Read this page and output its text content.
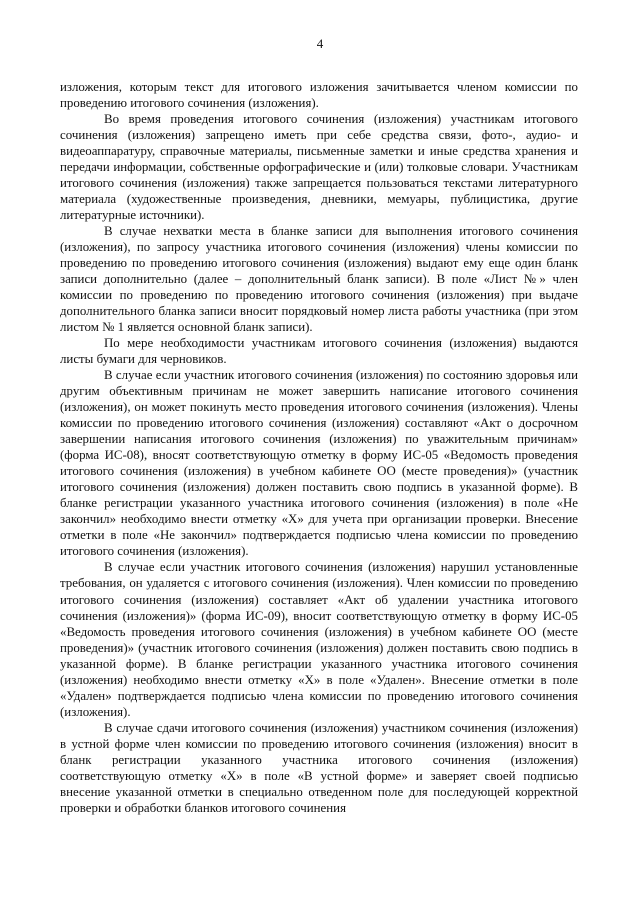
4

изложения, которым текст для итогового изложения зачитывается членом комиссии по проведению итогового сочинения (изложения).

Во время проведения итогового сочинения (изложения) участникам итогового сочинения (изложения) запрещено иметь при себе средства связи, фото-, аудио- и видеоаппаратуру, справочные материалы, письменные заметки и иные средства хранения и передачи информации, собственные орфографические и (или) толковые словари. Участникам итогового сочинения (изложения) также запрещается пользоваться текстами литературного материала (художественные произведения, дневники, мемуары, публицистика, другие литературные источники).

В случае нехватки места в бланке записи для выполнения итогового сочинения (изложения), по запросу участника итогового сочинения (изложения) члены комиссии по проведению по проведению итогового сочинения (изложения) выдают ему еще один бланк записи дополнительно (далее – дополнительный бланк записи). В поле «Лист №» член комиссии по проведению по проведению итогового сочинения (изложения) при выдаче дополнительного бланка записи вносит порядковый номер листа работы участника (при этом листом № 1 является основной бланк записи).

По мере необходимости участникам итогового сочинения (изложения) выдаются листы бумаги для черновиков.

В случае если участник итогового сочинения (изложения) по состоянию здоровья или другим объективным причинам не может завершить написание итогового сочинения (изложения), он может покинуть место проведения итогового сочинения (изложения). Члены комиссии по проведению итогового сочинения (изложения) составляют «Акт о досрочном завершении написания итогового сочинения (изложения) по уважительным причинам» (форма ИС-08), вносят соответствующую отметку в форму ИС-05 «Ведомость проведения итогового сочинения (изложения) в учебном кабинете ОО (месте проведения)» (участник итогового сочинения (изложения) должен поставить свою подпись в указанной форме). В бланке регистрации указанного участника итогового сочинения (изложения) в поле «Не закончил» необходимо внести отметку «Х» для учета при организации проверки. Внесение отметки в поле «Не закончил» подтверждается подписью члена комиссии по проведению итогового сочинения (изложения).

В случае если участник итогового сочинения (изложения) нарушил установленные требования, он удаляется с итогового сочинения (изложения). Член комиссии по проведению итогового сочинения (изложения) составляет «Акт об удалении участника итогового сочинения (изложения)» (форма ИС-09), вносит соответствующую отметку в форму ИС-05 «Ведомость проведения итогового сочинения (изложения) в учебном кабинете ОО (месте проведения)» (участник итогового сочинения (изложения) должен поставить свою подпись в указанной форме). В бланке регистрации указанного участника итогового сочинения (изложения) необходимо внести отметку «Х» в поле «Удален». Внесение отметки в поле «Удален» подтверждается подписью члена комиссии по проведению итогового сочинения (изложения).

В случае сдачи итогового сочинения (изложения) участником сочинения (изложения) в устной форме член комиссии по проведению итогового сочинения (изложения) вносит в бланк регистрации указанного участника итогового сочинения (изложения) соответствующую отметку «Х» в поле «В устной форме» и заверяет своей подписью внесение указанной отметки в специально отведенном поле для последующей корректной проверки и обработки бланков итогового сочинения
